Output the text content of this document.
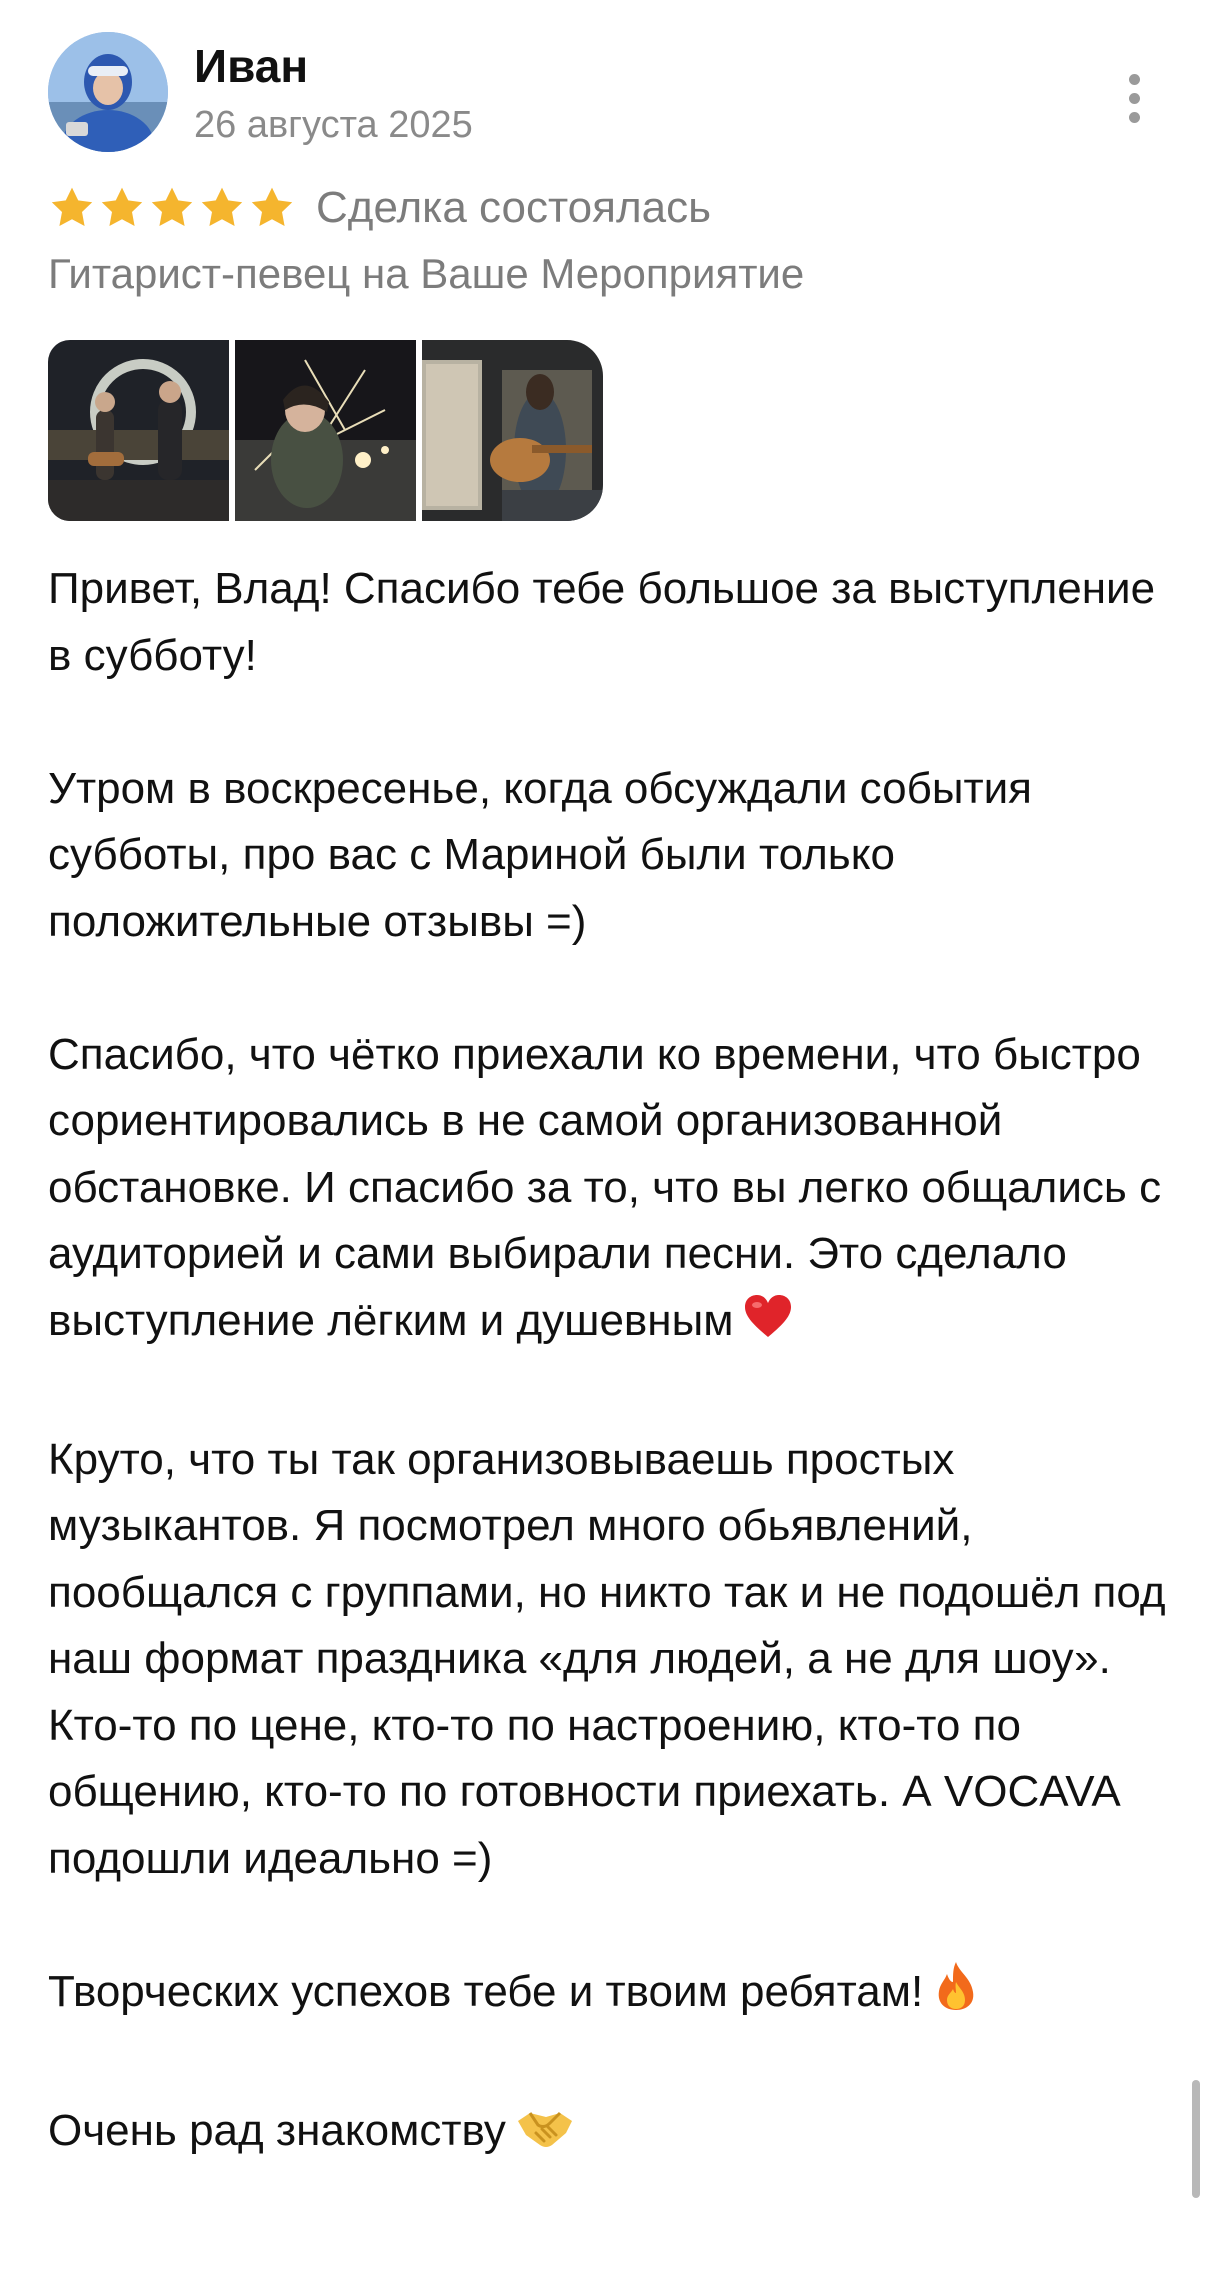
Иван
26 августа 2025
Сделка состоялась
Гитарист-певец на Ваше Мероприятие

Привет, Влад! Спасибо тебе большое за выступление в субботу!

Утром в воскресенье, когда обсуждали события субботы, про вас с Мариной были только положительные отзывы =)

Спасибо, что чётко приехали ко времени, что быстро сориентировались в не самой организованной обстановке. И спасибо за то, что вы легко общались с аудиторией и сами выбирали песни. Это сделало выступление лёгким и душевным

Круто, что ты так организовываешь простых музыкантов. Я посмотрел много обьявлений, пообщался с группами, но никто так и не подошёл под наш формат праздника «для людей, а не для шоу». Кто-то по цене, кто-то по настроению, кто-то по общению, кто-то по готовности приехать. А VOCAVA подошли идеально =)

Творческих успехов тебе и твоим ребятам!

Очень рад знакомству
